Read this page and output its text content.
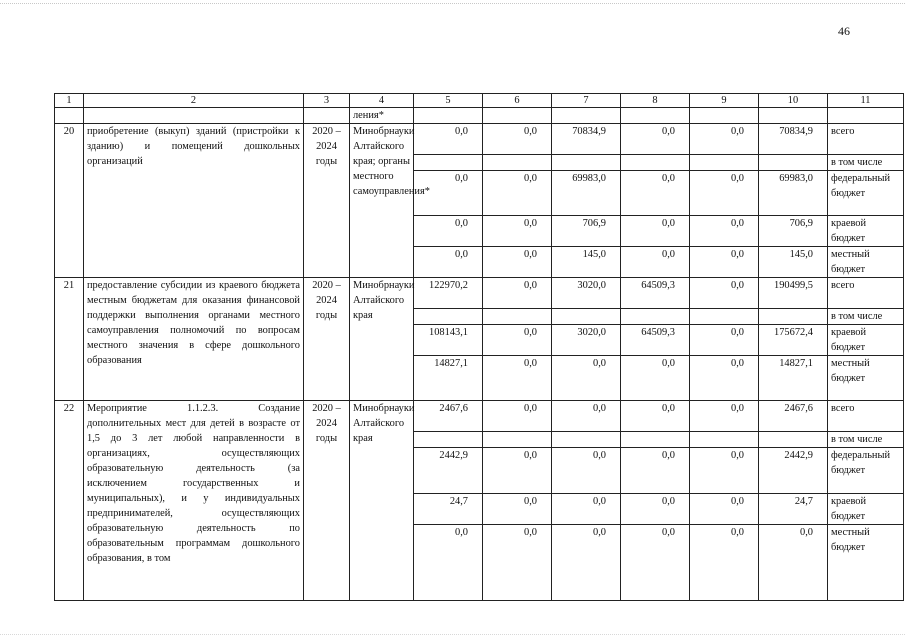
46
1	2	3	4	5	6	7	8	9	10	11
			ления*							
20	приобретение (выкуп) зданий (пристройки к зданию) и помещений дошкольных организаций	2020 – 2024 годы	Минобрнауки Алтайского края; органы местного самоуправления*	0,0	0,0	70834,9	0,0	0,0	70834,9	всего
										в том числе
				0,0	0,0	69983,0	0,0	0,0	69983,0	федеральный бюджет
				0,0	0,0	706,9	0,0	0,0	706,9	краевой бюджет
				0,0	0,0	145,0	0,0	0,0	145,0	местный бюджет
21	предоставление субсидии из краевого бюджета местным бюджетам для оказания финансовой поддержки выполнения органами местного самоуправления полномочий по вопросам местного значения в сфере дошкольного образования	2020 – 2024 годы	Минобрнауки Алтайского края	122970,2	0,0	3020,0	64509,3	0,0	190499,5	всего
										в том числе
				108143,1	0,0	3020,0	64509,3	0,0	175672,4	краевой бюджет
				14827,1	0,0	0,0	0,0	0,0	14827,1	местный бюджет
22	Мероприятие 1.1.2.3. Создание дополнительных мест для детей в возрасте от 1,5 до 3 лет любой направленности в организациях, осуществляющих образовательную деятельность (за исключением государственных и муниципальных), и у индивидуальных предпринимателей, осуществляющих образовательную деятельность по образовательным программам дошкольного образования, в том	2020 – 2024 годы	Минобрнауки Алтайского края	2467,6	0,0	0,0	0,0	0,0	2467,6	всего
										в том числе
				2442,9	0,0	0,0	0,0	0,0	2442,9	федеральный бюджет
				24,7	0,0	0,0	0,0	0,0	24,7	краевой бюджет
				0,0	0,0	0,0	0,0	0,0	0,0	местный бюджет
